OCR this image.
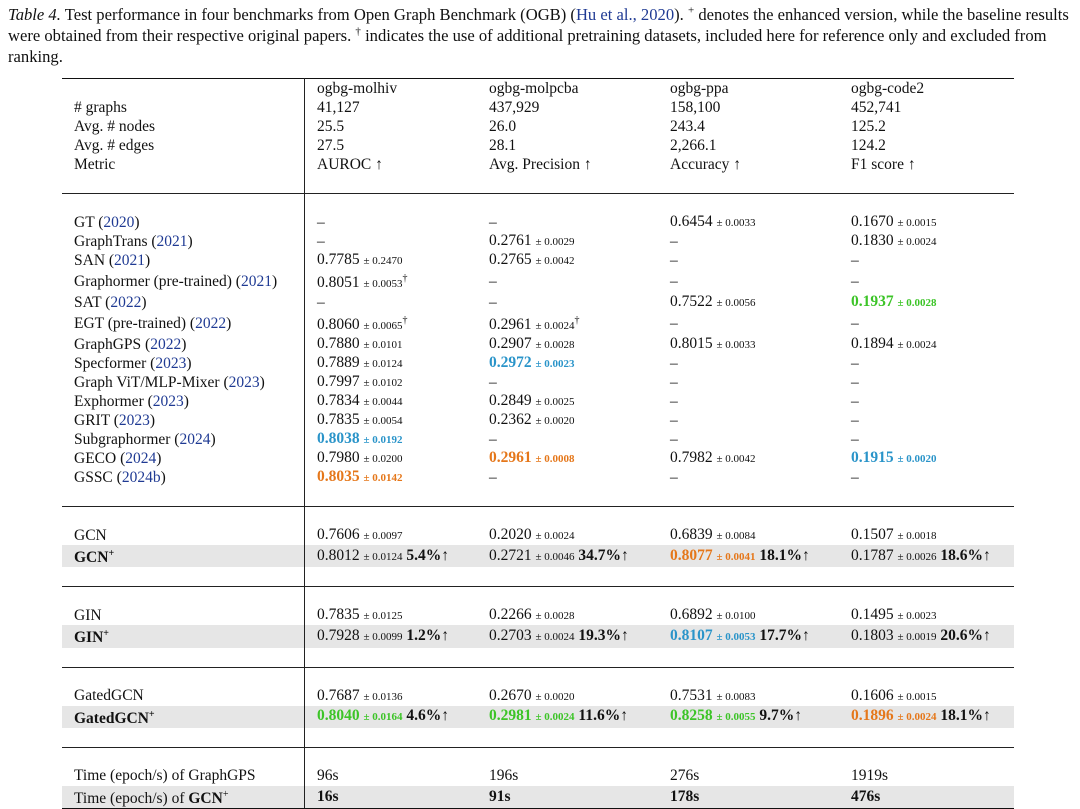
Table 4. Test performance in four benchmarks from Open Graph Benchmark (OGB) (Hu et al., 2020). + denotes the enhanced version, while the baseline results were obtained from their respective original papers. † indicates the use of additional pretraining datasets, included here for reference only and excluded from ranking.
	ogbg-molhiv	ogbg-molpcba	ogbg-ppa	ogbg-code2
# graphs	41,127	437,929	158,100	452,741
Avg. # nodes	25.5	26.0	243.4	125.2
Avg. # edges	27.5	28.1	2,266.1	124.2
Metric	AUROC ↑	Avg. Precision ↑	Accuracy ↑	F1 score ↑

GT (2020)	–	–	0.6454 ± 0.0033	0.1670 ± 0.0015
GraphTrans (2021)	–	0.2761 ± 0.0029	–	0.1830 ± 0.0024
SAN (2021)	0.7785 ± 0.2470	0.2765 ± 0.0042	–	–
Graphormer (pre-trained) (2021)	0.8051 ± 0.0053†	–	–	–
SAT (2022)	–	–	0.7522 ± 0.0056	0.1937 ± 0.0028
EGT (pre-trained) (2022)	0.8060 ± 0.0065†	0.2961 ± 0.0024†	–	–
GraphGPS (2022)	0.7880 ± 0.0101	0.2907 ± 0.0028	0.8015 ± 0.0033	0.1894 ± 0.0024
Specformer (2023)	0.7889 ± 0.0124	0.2972 ± 0.0023	–	–
Graph ViT/MLP-Mixer (2023)	0.7997 ± 0.0102	–	–	–
Exphormer (2023)	0.7834 ± 0.0044	0.2849 ± 0.0025	–	–
GRIT (2023)	0.7835 ± 0.0054	0.2362 ± 0.0020	–	–
Subgraphormer (2024)	0.8038 ± 0.0192	–	–	–
GECO (2024)	0.7980 ± 0.0200	0.2961 ± 0.0008	0.7982 ± 0.0042	0.1915 ± 0.0020
GSSC (2024b)	0.8035 ± 0.0142	–	–	–

GCN	0.7606 ± 0.0097	0.2020 ± 0.0024	0.6839 ± 0.0084	0.1507 ± 0.0018
GCN+	0.8012 ± 0.0124 5.4%↑	0.2721 ± 0.0046 34.7%↑	0.8077 ± 0.0041 18.1%↑	0.1787 ± 0.0026 18.6%↑

GIN	0.7835 ± 0.0125	0.2266 ± 0.0028	0.6892 ± 0.0100	0.1495 ± 0.0023
GIN+	0.7928 ± 0.0099 1.2%↑	0.2703 ± 0.0024 19.3%↑	0.8107 ± 0.0053 17.7%↑	0.1803 ± 0.0019 20.6%↑

GatedGCN	0.7687 ± 0.0136	0.2670 ± 0.0020	0.7531 ± 0.0083	0.1606 ± 0.0015
GatedGCN+	0.8040 ± 0.0164 4.6%↑	0.2981 ± 0.0024 11.6%↑	0.8258 ± 0.0055 9.7%↑	0.1896 ± 0.0024 18.1%↑

Time (epoch/s) of GraphGPS	96s	196s	276s	1919s
Time (epoch/s) of GCN+	16s	91s	178s	476s
